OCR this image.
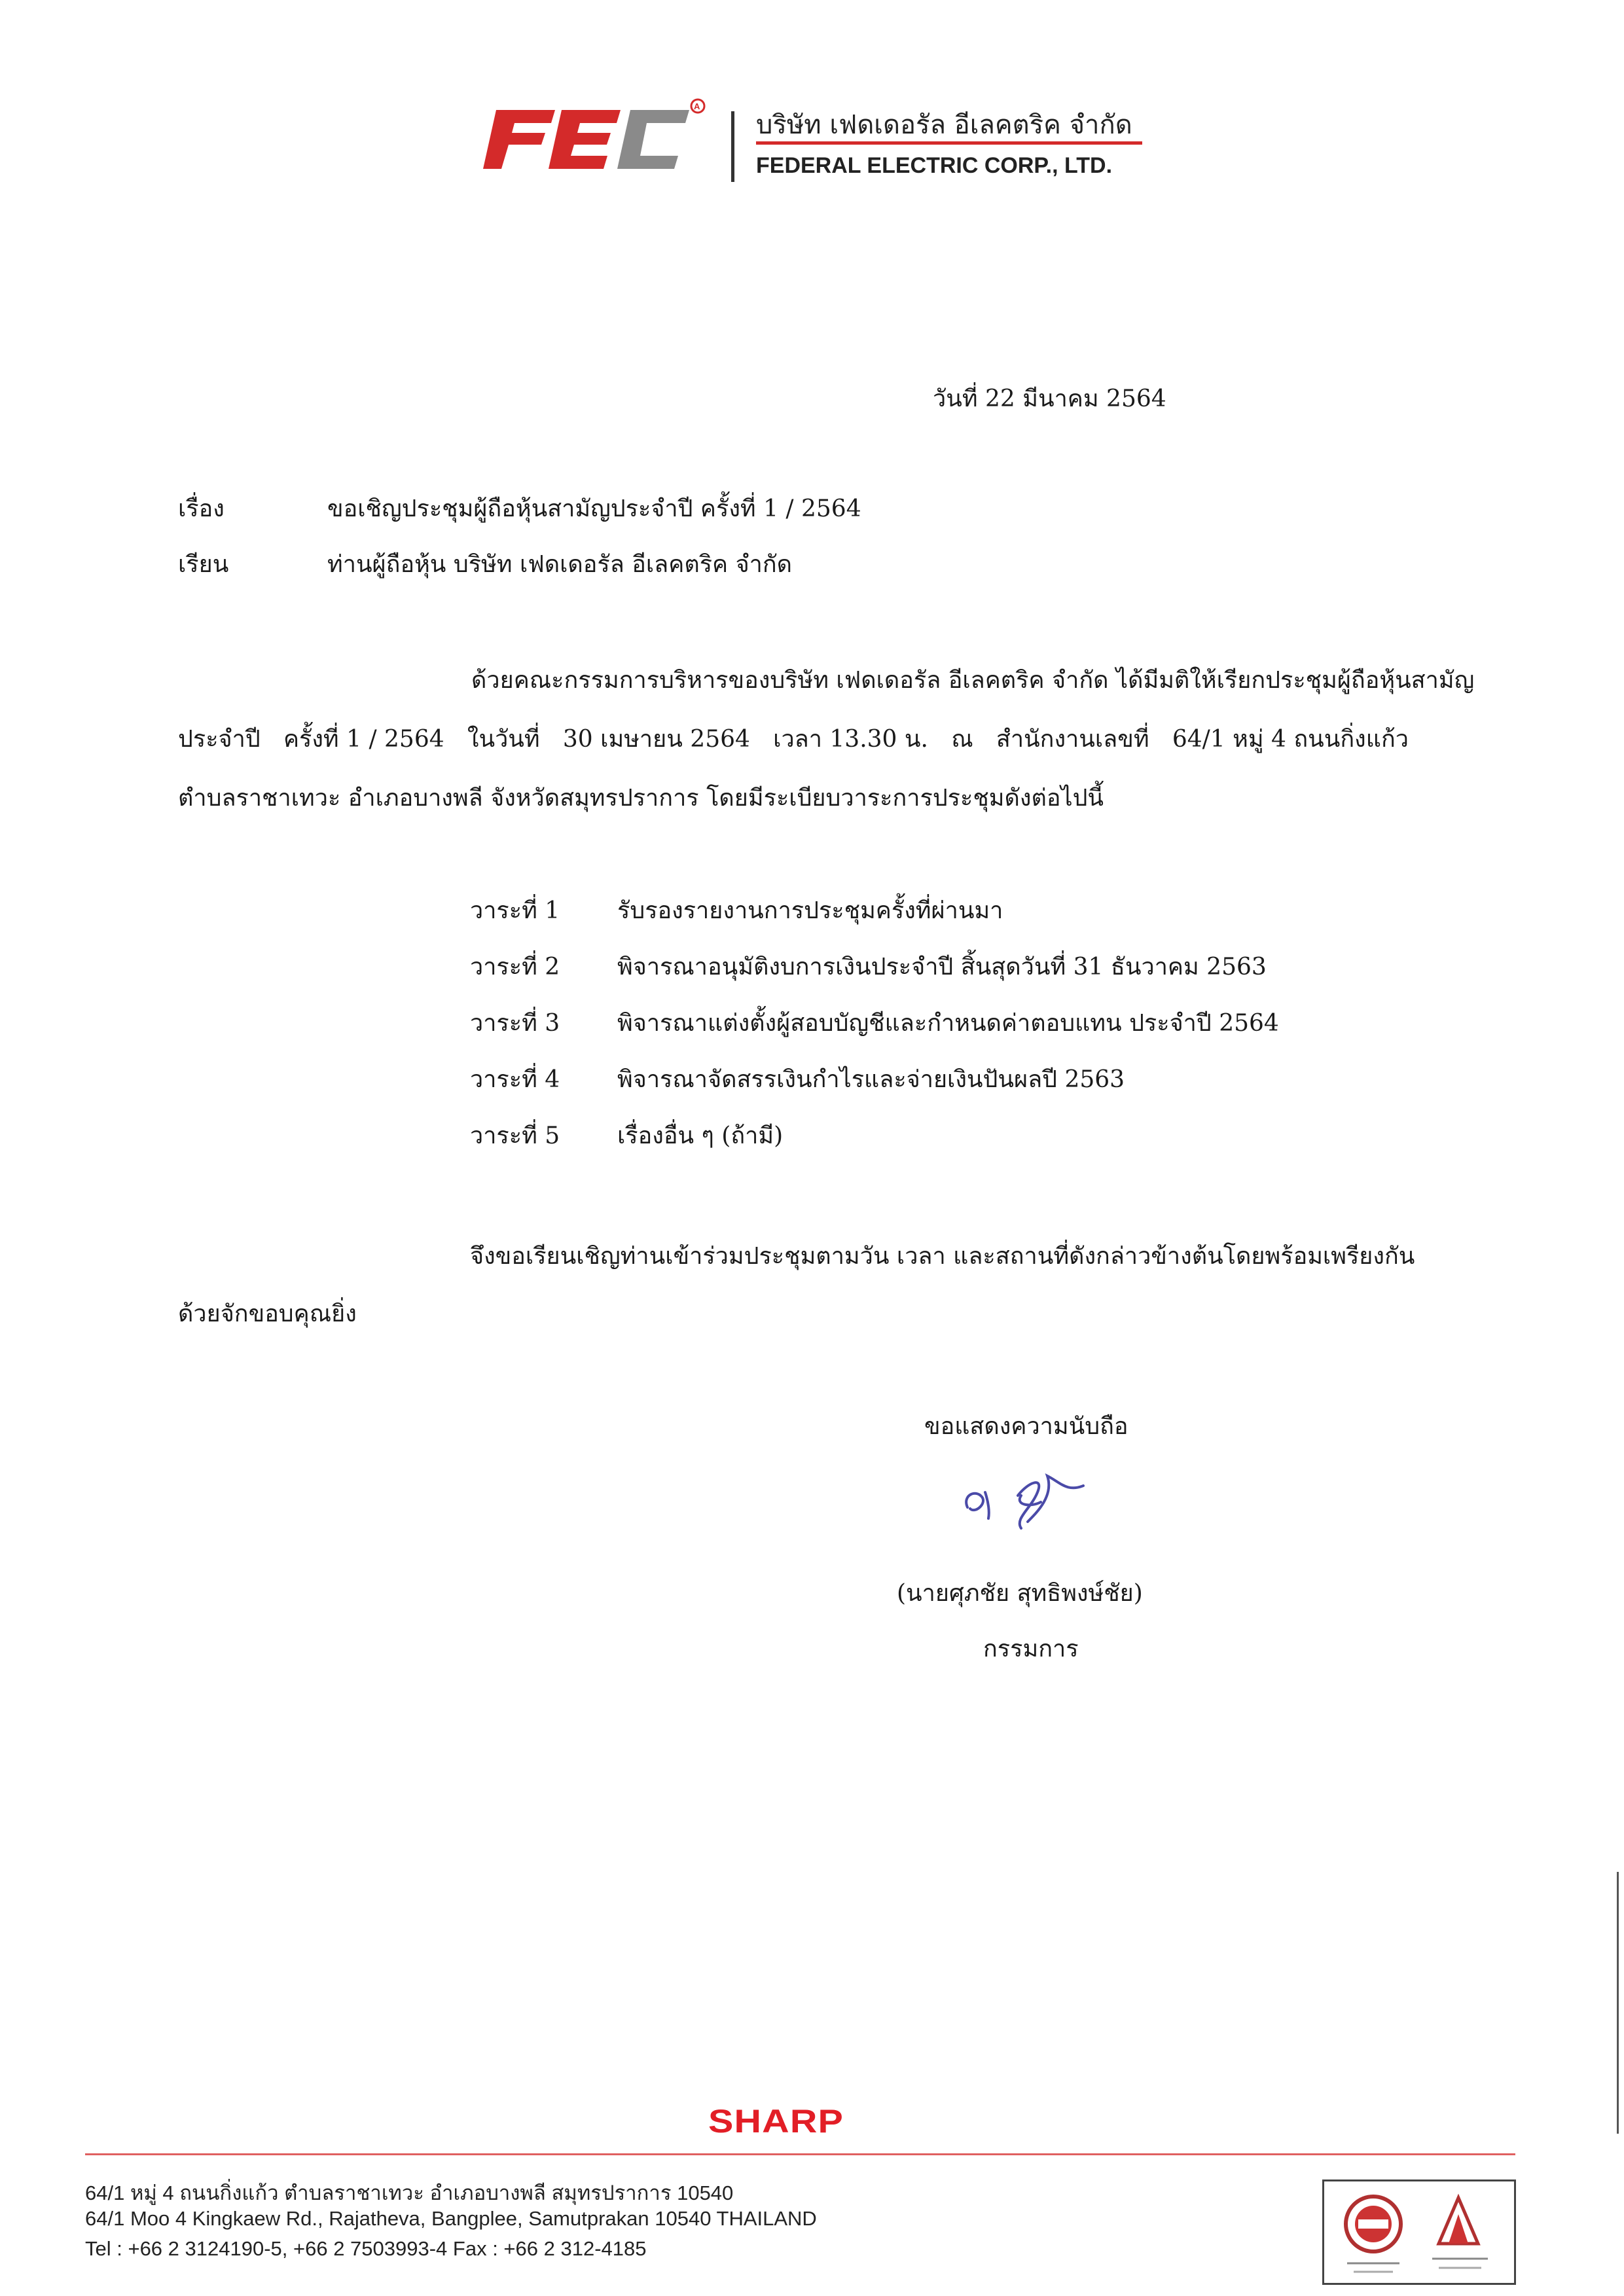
A
บริษัท เฟดเดอรัล อีเลคตริค จำกัด
FEDERAL ELECTRIC CORP., LTD.
วันที่ 22 มีนาคม 2564
เรื่อง	ขอเชิญประชุมผู้ถือหุ้นสามัญประจำปี ครั้งที่ 1 / 2564
เรียน	ท่านผู้ถือหุ้น บริษัท เฟดเดอรัล อีเลคตริค จำกัด
ด้วยคณะกรรมการบริหารของบริษัท เฟดเดอรัล อีเลคตริค จำกัด ได้มีมติให้เรียกประชุมผู้ถือหุ้นสามัญ
ประจำปี ครั้งที่ 1 / 2564 ในวันที่ 30 เมษายน 2564 เวลา 13.30 น. ณ สำนักงานเลขที่ 64/1 หมู่ 4 ถนนกิ่งแก้ว
ตำบลราชาเทวะ อำเภอบางพลี จังหวัดสมุทรปราการ โดยมีระเบียบวาระการประชุมดังต่อไปนี้
วาระที่ 1	รับรองรายงานการประชุมครั้งที่ผ่านมา
วาระที่ 2	พิจารณาอนุมัติงบการเงินประจำปี สิ้นสุดวันที่ 31 ธันวาคม 2563
วาระที่ 3	พิจารณาแต่งตั้งผู้สอบบัญชีและกำหนดค่าตอบแทน ประจำปี 2564
วาระที่ 4	พิจารณาจัดสรรเงินกำไรและจ่ายเงินปันผลปี 2563
วาระที่ 5	เรื่องอื่น ๆ (ถ้ามี)
จึงขอเรียนเชิญท่านเข้าร่วมประชุมตามวัน เวลา และสถานที่ดังกล่าวข้างต้นโดยพร้อมเพรียงกัน
ด้วยจักขอบคุณยิ่ง
ขอแสดงความนับถือ
(นายศุภชัย สุทธิพงษ์ชัย)
กรรมการ
SHARP
64/1 หมู่ 4 ถนนกิ่งแก้ว ตำบลราชาเทวะ อำเภอบางพลี สมุทรปราการ 10540
64/1 Moo 4 Kingkaew Rd., Rajatheva, Bangplee, Samutprakan 10540 THAILAND
Tel : +66 2 3124190-5, +66 2 7503993-4 Fax : +66 2 312-4185
